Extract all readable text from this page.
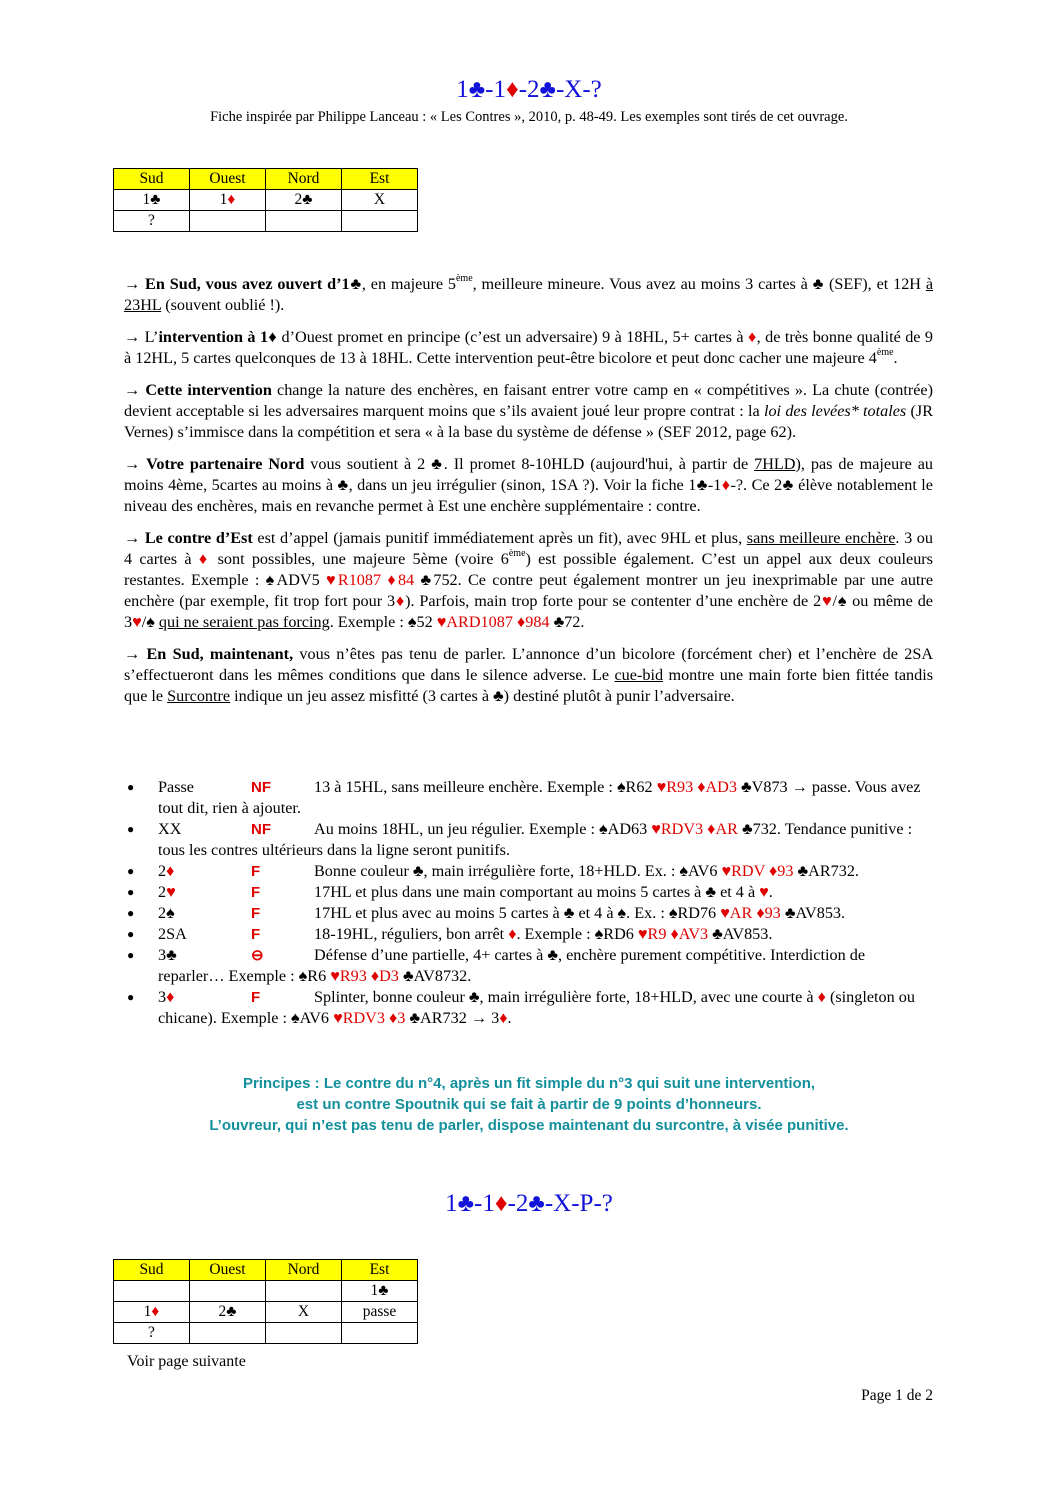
1♣-1♦-2♣-X-?
Fiche inspirée par Philippe Lanceau : « Les Contres », 2010, p. 48-49. Les exemples sont tirés de cet ouvrage.
Sud	Ouest	Nord	Est
1♣	1♦	2♣	X
?			

→ En Sud, vous avez ouvert d’1♣, en majeure 5ème, meilleure mineure. Vous avez au moins 3 cartes à ♣ (SEF), et 12H à 23HL (souvent oublié !).

→ L’intervention à 1♦ d’Ouest promet en principe (c’est un adversaire) 9 à 18HL, 5+ cartes à ♦, de très bonne qualité de 9 à 12HL, 5 cartes quelconques de 13 à 18HL. Cette intervention peut-être bicolore et peut donc cacher une majeure 4ème.

→ Cette intervention change la nature des enchères, en faisant entrer votre camp en « compétitives ». La chute (contrée) devient acceptable si les adversaires marquent moins que s’ils avaient joué leur propre contrat : la loi des levées* totales (JR Vernes) s’immisce dans la compétition et sera « à la base du système de défense » (SEF 2012, page 62).

→ Votre partenaire Nord vous soutient à 2 ♣. Il promet 8-10HLD (aujourd'hui, à partir de 7HLD), pas de majeure au moins 4ème, 5cartes au moins à ♣, dans un jeu irrégulier (sinon, 1SA ?). Voir la fiche 1♣-1♦-?. Ce 2♣ élève notablement le niveau des enchères, mais en revanche permet à Est une enchère supplémentaire : contre.

→ Le contre d’Est est d’appel (jamais punitif immédiatement après un fit), avec 9HL et plus, sans meilleure enchère. 3 ou 4 cartes à ♦ sont possibles, une majeure 5ème (voire 6ème) est possible également. C’est un appel aux deux couleurs restantes. Exemple : ♠ADV5 ♥R1087 ♦84 ♣752. Ce contre peut également montrer un jeu inexprimable par une autre enchère (par exemple, fit trop fort pour 3♦). Parfois, main trop forte pour se contenter d’une enchère de 2♥/♠ ou même de 3♥/♠ qui ne seraient pas forcing. Exemple : ♠52 ♥ARD1087 ♦984 ♣72.

→ En Sud, maintenant, vous n’êtes pas tenu de parler. L’annonce d’un bicolore (forcément cher) et l’enchère de 2SA s’effectueront dans les mêmes conditions que dans le silence adverse. Le cue-bid montre une main forte bien fittée tandis que le Surcontre indique un jeu assez misfitté (3 cartes à ♣) destiné plutôt à punir l’adversaire.

● Passe	NF	13 à 15HL, sans meilleure enchère. Exemple : ♠R62 ♥R93 ♦AD3 ♣V873 → passe. Vous avez tout dit, rien à ajouter.
● XX	NF	Au moins 18HL, un jeu régulier. Exemple : ♠AD63 ♥RDV3 ♦AR ♣732. Tendance punitive : tous les contres ultérieurs dans la ligne seront punitifs.
● 2♦	F	Bonne couleur ♣, main irrégulière forte, 18+HLD. Ex. : ♠AV6 ♥RDV ♦93 ♣AR732.
● 2♥	F	17HL et plus dans une main comportant au moins 5 cartes à ♣ et 4 à ♥.
● 2♠	F	17HL et plus avec au moins 5 cartes à ♣ et 4 à ♠. Ex. : ♠RD76 ♥AR ♦93 ♣AV853.
● 2SA	F	18-19HL, réguliers, bon arrêt ♦. Exemple : ♠RD6 ♥R9 ♦AV3 ♣AV853.
● 3♣	⊖	Défense d’une partielle, 4+ cartes à ♣, enchère purement compétitive. Interdiction de reparler… Exemple : ♠R6 ♥R93 ♦D3 ♣AV8732.
● 3♦	F	Splinter, bonne couleur ♣, main irrégulière forte, 18+HLD, avec une courte à ♦ (singleton ou chicane). Exemple : ♠AV6 ♥RDV3 ♦3 ♣AR732 → 3♦.
Principes : Le contre du n°4, après un fit simple du n°3 qui suit une intervention,
est un contre Spoutnik qui se fait à partir de 9 points d’honneurs.
L’ouvreur, qui n’est pas tenu de parler, dispose maintenant du surcontre, à visée punitive.
1♣-1♦-2♣-X-P-?
Sud	Ouest	Nord	Est
			1♣
1♦	2♣	X	passe
?			
Voir page suivante
Page 1 de 2
